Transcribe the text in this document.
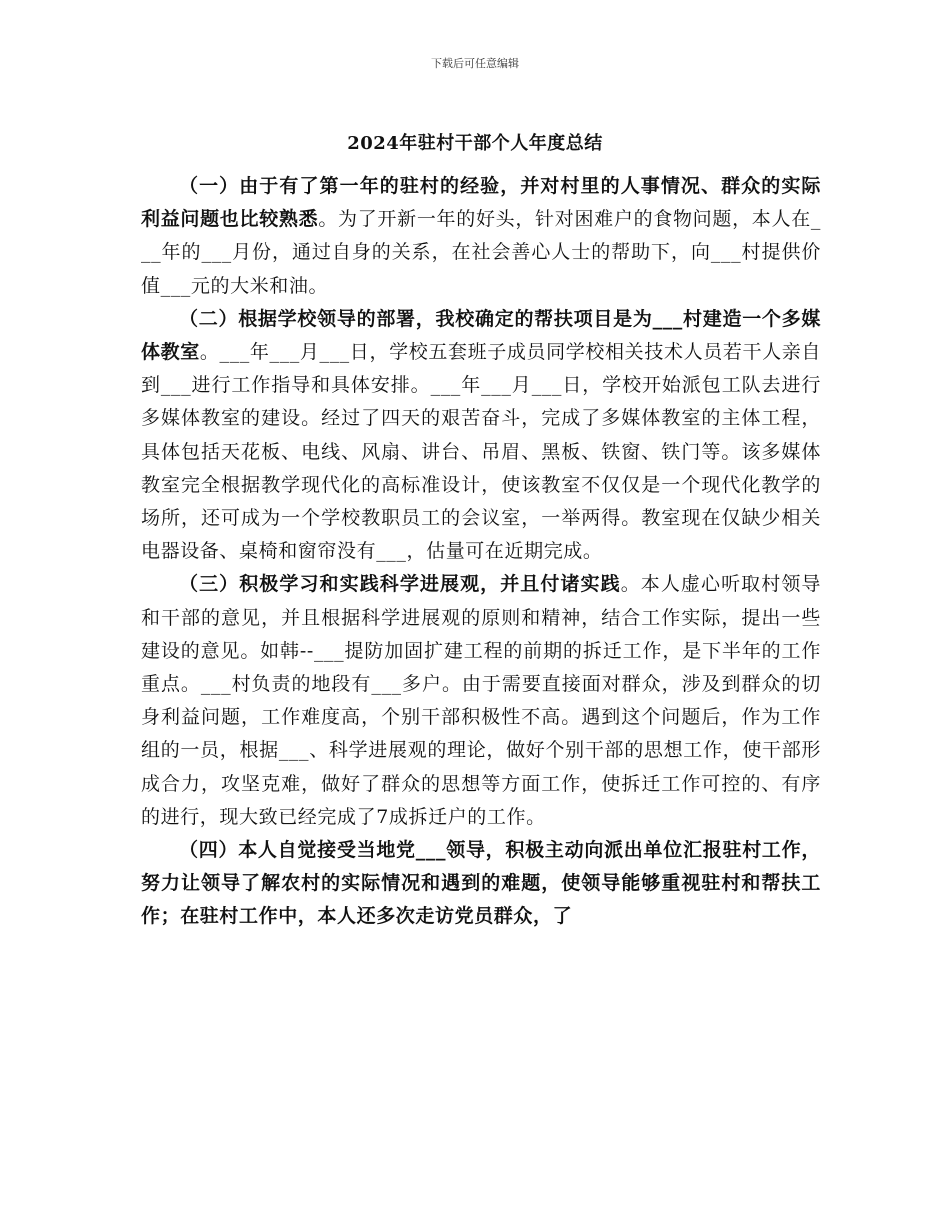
下载后可任意编辑
2024年驻村干部个人年度总结

（一）由于有了第一年的驻村的经验，并对村里的人事情况、群众的实际利益问题也比较熟悉。为了开新一年的好头，针对困难户的食物问题，本人在___年的___月份，通过自身的关系，在社会善心人士的帮助下，向___村提供价值___元的大米和油。

（二）根据学校领导的部署，我校确定的帮扶项目是为___村建造一个多媒体教室。___年___月___日，学校五套班子成员同学校相关技术人员若干人亲自到___进行工作指导和具体安排。___年___月___日，学校开始派包工队去进行多媒体教室的建设。经过了四天的艰苦奋斗，完成了多媒体教室的主体工程，具体包括天花板、电线、风扇、讲台、吊眉、黑板、铁窗、铁门等。该多媒体教室完全根据教学现代化的高标准设计，使该教室不仅仅是一个现代化教学的场所，还可成为一个学校教职员工的会议室，一举两得。教室现在仅缺少相关电器设备、桌椅和窗帘没有___，估量可在近期完成。

（三）积极学习和实践科学进展观，并且付诸实践。本人虚心听取村领导和干部的意见，并且根据科学进展观的原则和精神，结合工作实际，提出一些建设的意见。如韩--___提防加固扩建工程的前期的拆迁工作，是下半年的工作重点。___村负责的地段有___多户。由于需要直接面对群众，涉及到群众的切身利益问题，工作难度高，个别干部积极性不高。遇到这个问题后，作为工作组的一员，根据___、科学进展观的理论，做好个别干部的思想工作，使干部形成合力，攻坚克难，做好了群众的思想等方面工作，使拆迁工作可控的、有序的进行，现大致已经完成了7成拆迁户的工作。

（四）本人自觉接受当地党___领导，积极主动向派出单位汇报驻村工作，努力让领导了解农村的实际情况和遇到的难题，使领导能够重视驻村和帮扶工作；在驻村工作中，本人还多次走访党员群众，了
